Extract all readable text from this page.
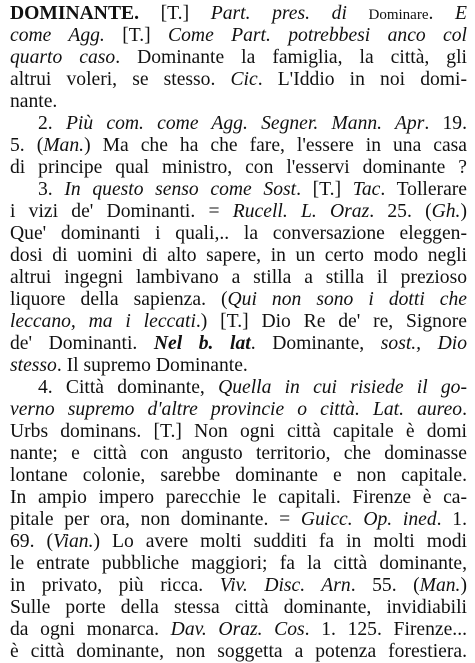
DOMINANTE. [T.] Part. pres. di Dominare. E
come Agg. [T.] Come Part. potrebbesi anco col
quarto caso. Dominante la famiglia, la città, gli
altrui voleri, se stesso. Cic. L'Iddio in noi domi-
nante.
2. Più com. come Agg. Segner. Mann. Apr. 19.
5. (Man.) Ma che ha che fare, l'essere in una casa
di principe qual ministro, con l'esservi dominante ?
3. In questo senso come Sost. [T.] Tac. Tollerare
i vizi de' Dominanti. = Rucell. L. Oraz. 25. (Gh.)
Que' dominanti i quali,.. la conversazione eleggen-
dosi di uomini di alto sapere, in un certo modo negli
altrui ingegni lambivano a stilla a stilla il prezioso
liquore della sapienza. (Qui non sono i dotti che
leccano, ma i leccati.) [T.] Dio Re de' re, Signore
de' Dominanti. Nel b. lat. Dominante, sost., Dio
stesso. Il supremo Dominante.
4. Città dominante, Quella in cui risiede il go-
verno supremo d'altre provincie o città. Lat. aureo.
Urbs dominans. [T.] Non ogni città capitale è domi
nante; e città con angusto territorio, che dominasse
lontane colonie, sarebbe dominante e non capitale.
In ampio impero parecchie le capitali. Firenze è ca-
pitale per ora, non dominante. = Guicc. Op. ined. 1.
69. (Vian.) Lo avere molti sudditi fa in molti modi
le entrate pubbliche maggiori; fa la città dominante,
in privato, più ricca. Viv. Disc. Arn. 55. (Man.)
Sulle porte della stessa città dominante, invidiabili
da ogni monarca. Dav. Oraz. Cos. 1. 125. Firenze...
è città dominante, non soggetta a potenza forestiera.
